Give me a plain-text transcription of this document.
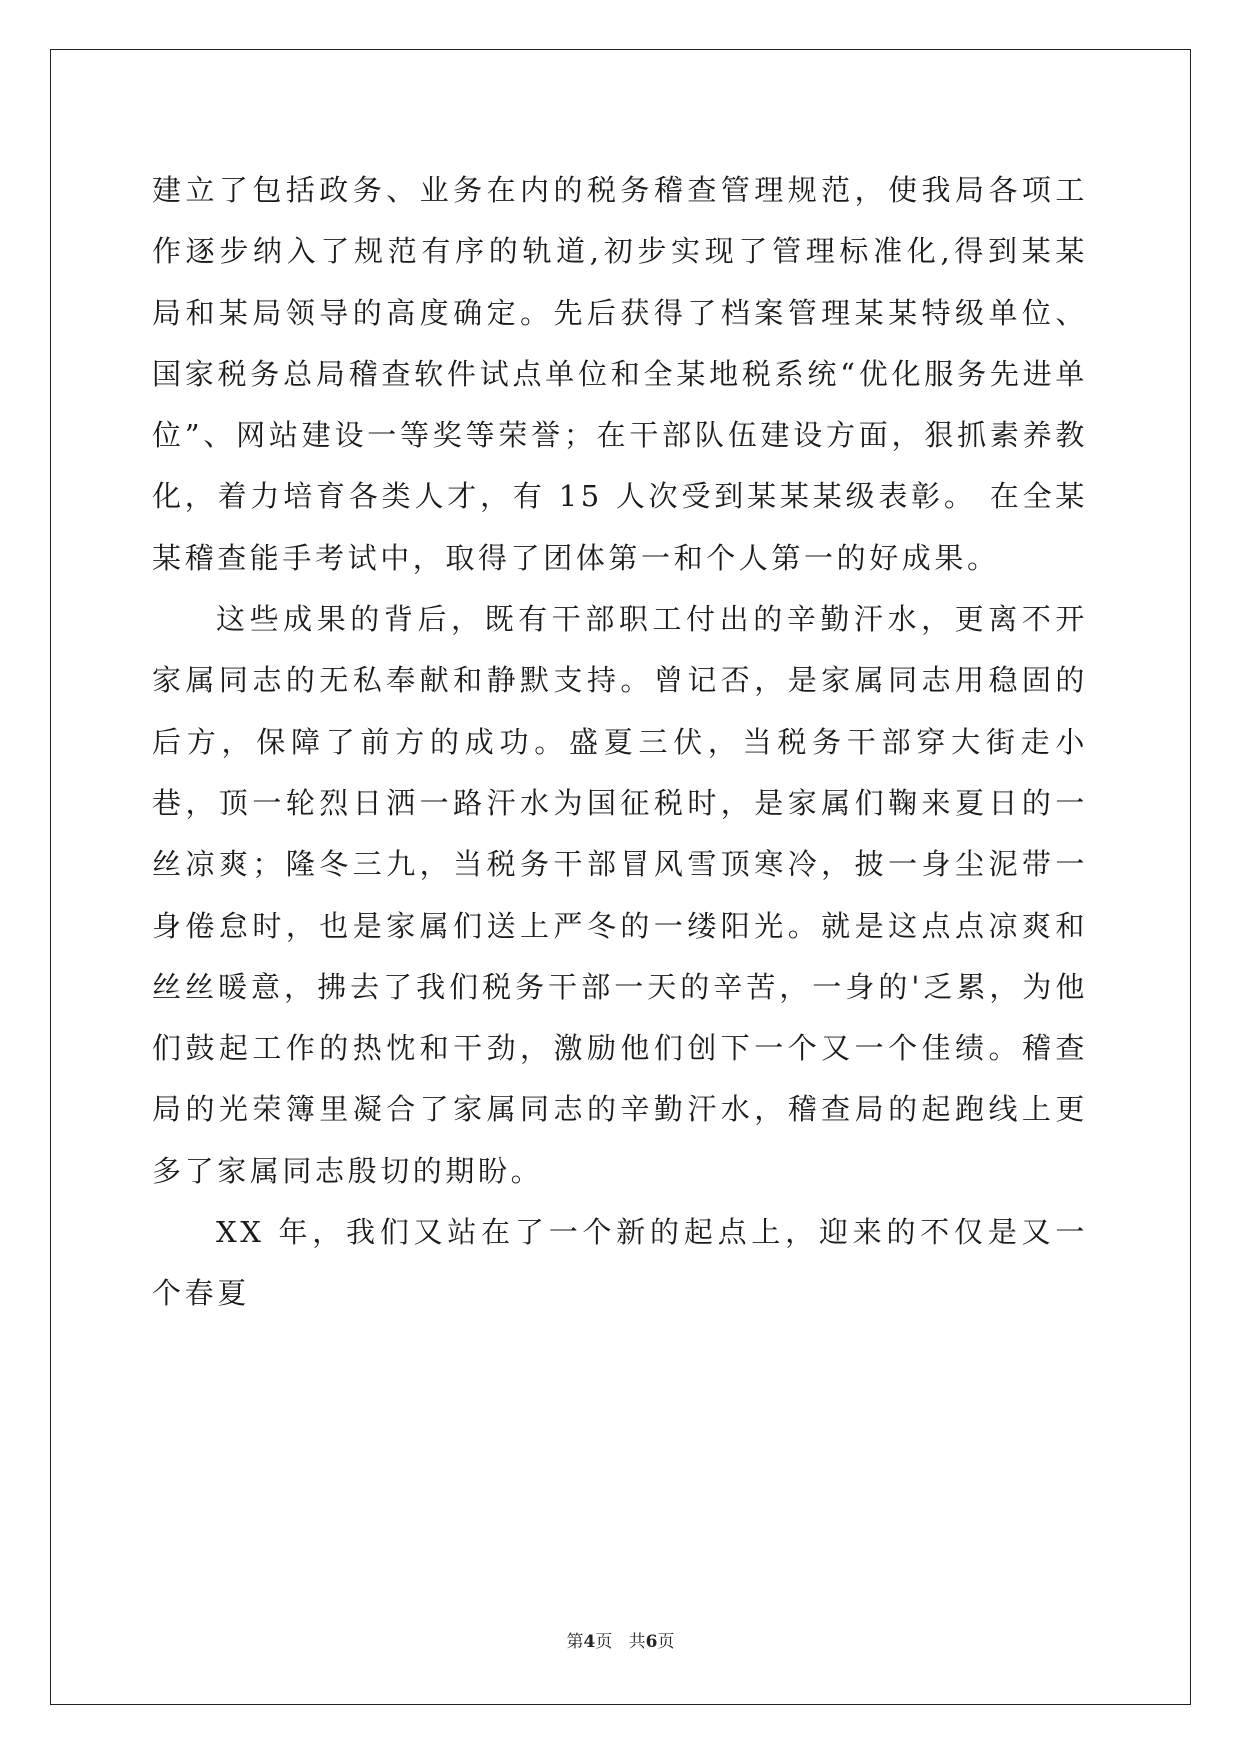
建立了包括政务、业务在内的税务稽查管理规范，使我局各项工作逐步纳入了规范有序的轨道,初步实现了管理标准化,得到某某局和某局领导的高度确定。先后获得了档案管理某某特级单位、国家税务总局稽查软件试点单位和全某地税系统“优化服务先进单位”、网站建设一等奖等荣誉；在干部队伍建设方面，狠抓素养教化，着力培育各类人才，有 15 人次受到某某某级表彰。 在全某某稽查能手考试中，取得了团体第一和个人第一的好成果。

这些成果的背后，既有干部职工付出的辛勤汗水，更离不开家属同志的无私奉献和静默支持。曾记否，是家属同志用稳固的后方，保障了前方的成功。盛夏三伏，当税务干部穿大街走小巷，顶一轮烈日洒一路汗水为国征税时，是家属们鞠来夏日的一丝凉爽；隆冬三九，当税务干部冒风雪顶寒冷，披一身尘泥带一身倦怠时，也是家属们送上严冬的一缕阳光。就是这点点凉爽和丝丝暖意，拂去了我们税务干部一天的辛苦，一身的'乏累，为他们鼓起工作的热忱和干劲，激励他们创下一个又一个佳绩。稽查局的光荣簿里凝合了家属同志的辛勤汗水，稽查局的起跑线上更多了家属同志殷切的期盼。

XX 年，我们又站在了一个新的起点上，迎来的不仅是又一个春夏

第4页 共6页
